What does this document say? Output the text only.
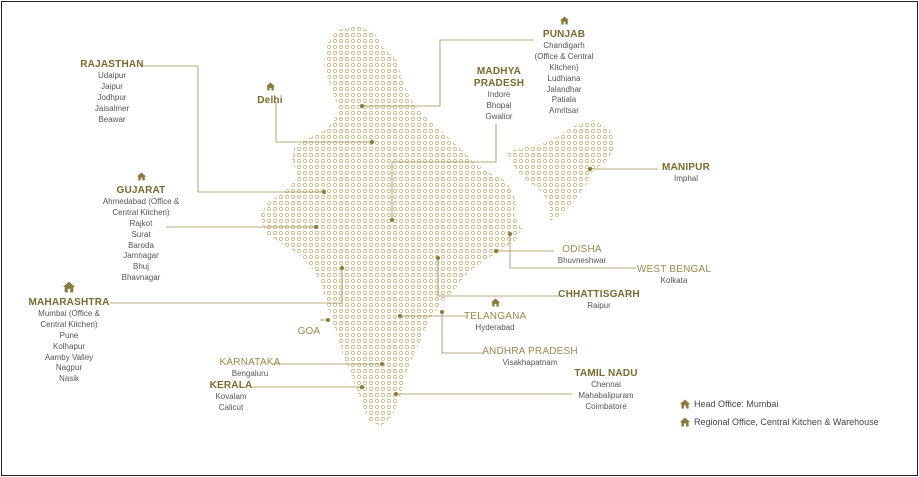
RAJASTHAN
Udaipur
Jaipur
Jodhpur
Jaisalmer
Beawar
Delhi
MADHYA
PRADESH
Indore
Bhopal
Gwalior
PUNJAB
Chandigarh
(Office & Central
Kitchen)
Ludhiana
Jalandhar
Patiala
Amritsar
GUJARAT
Ahmedabad (Office &
Central Kitchen)
Rajkot
Surat
Baroda
Jamnagar
Bhuj
Bhavnagar
MAHARASHTRA
Mumbai (Office &
Central Kitchen)
Pune
Kolhapur
Aamby Valley
Nagpur
Nasik
MANIPUR
Imphal
ODISHA
Bhuvneshwar
WEST BENGAL
Kolkata
CHHATTISGARH
Raipur
TELANGANA
Hyderabad
GOA
ANDHRA PRADESH
Visakhapatnam
KARNATAKA
Bengaluru
KERALA
Kovalam
Calicut
TAMIL NADU
Chennai
Mahabalipuram
Coimbatore	Head Office: Mumbai
Regional Office, Central Kitchen & Warehouse
